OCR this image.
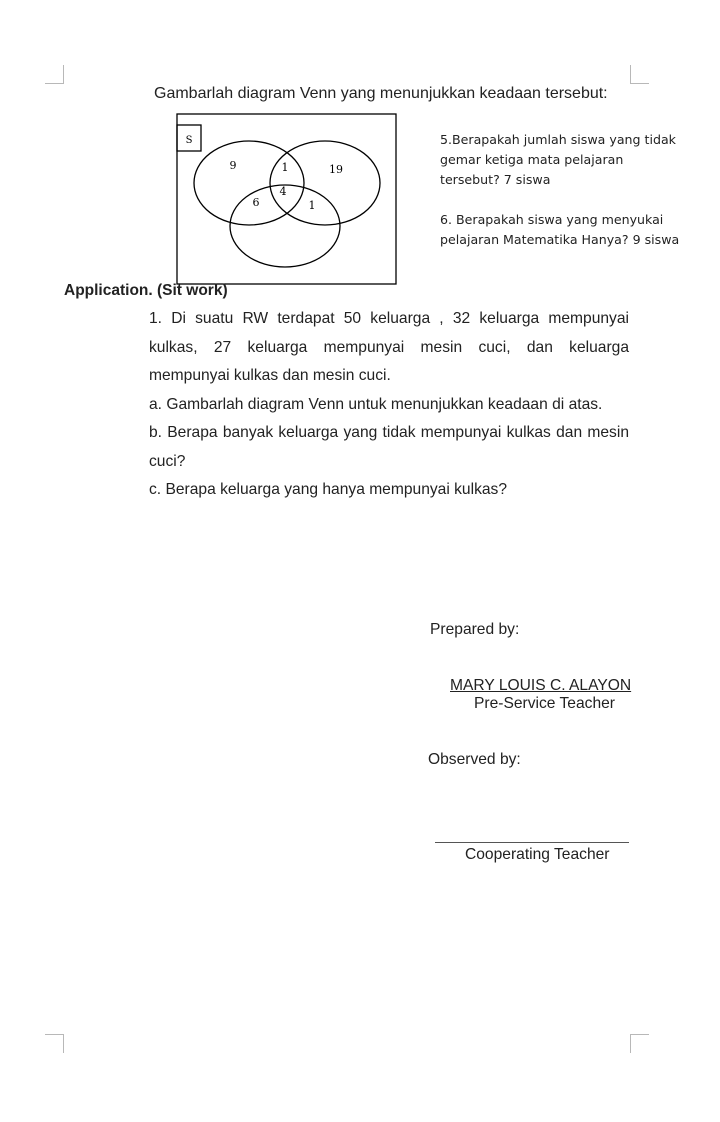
Gambarlah diagram Venn yang menunjukkan keadaan tersebut:
S
9	1	19
4
6	1

5.Berapakah jumlah siswa yang tidak gemar ketiga mata pelajaran tersebut? 7 siswa

6. Berapakah siswa yang menyukai pelajaran Matematika Hanya? 9 siswa

Application. (Sit work)
1. Di suatu RW terdapat 50 keluarga , 32 keluarga mempunyai kulkas, 27 keluarga mempunyai mesin cuci, dan keluarga mempunyai kulkas dan mesin cuci.
a. Gambarlah diagram Venn untuk menunjukkan keadaan di atas.
b. Berapa banyak keluarga yang tidak mempunyai kulkas dan mesin cuci?
c. Berapa keluarga yang hanya mempunyai kulkas?
Prepared by:
MARY LOUIS C. ALAYON
Pre-Service Teacher
Observed by:
Cooperating Teacher
